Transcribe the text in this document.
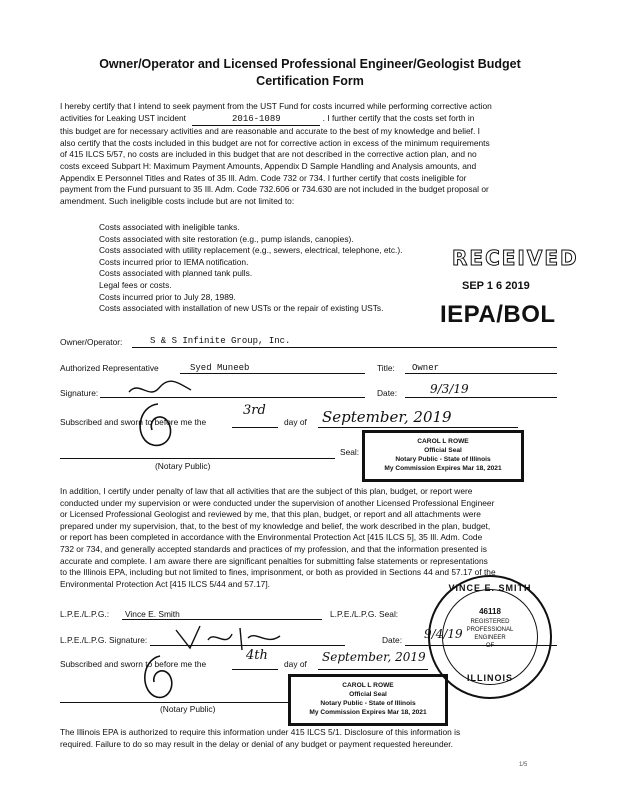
Owner/Operator and Licensed Professional Engineer/Geologist Budget
Certification Form
I hereby certify that I intend to seek payment from the UST Fund for costs incurred while performing corrective action
activities for Leaking UST incident	2016-1089	. I further certify that the costs set forth in
this budget are for necessary activities and are reasonable and accurate to the best of my knowledge and belief. I
also certify that the costs included in this budget are not for corrective action in excess of the minimum requirements
of 415 ILCS 5/57, no costs are included in this budget that are not described in the corrective action plan, and no
costs exceed Subpart H: Maximum Payment Amounts, Appendix D Sample Handling and Analysis amounts, and
Appendix E Personnel Titles and Rates of 35 Ill. Adm. Code 732 or 734. I further certify that costs ineligible for
payment from the Fund pursuant to 35 Ill. Adm. Code 732.606 or 734.630 are not included in the budget proposal or
amendment. Such ineligible costs include but are not limited to:
Costs associated with ineligible tanks.
Costs associated with site restoration (e.g., pump islands, canopies).
Costs associated with utility replacement (e.g., sewers, electrical, telephone, etc.).
Costs incurred prior to IEMA notification.
Costs associated with planned tank pulls.
Legal fees or costs.
Costs incurred prior to July 28, 1989.
Costs associated with installation of new USTs or the repair of existing USTs.
RECEIVED
SEP 1 6 2019
IEPA/BOL
Owner/Operator:	S & S Infinite Group, Inc.
Authorized Representative	Syed Muneeb	Title: Owner
Signature:	Date:	9/3/19
Subscribed and sworn to before me the
3rd
day of September, 2019
(Notary Public)
Seal:
CAROL L ROWE
Official Seal
Notary Public - State of Illinois
My Commission Expires Mar 18, 2021
In addition, I certify under penalty of law that all activities that are the subject of this plan, budget, or report were
conducted under my supervision or were conducted under the supervision of another Licensed Professional Engineer
or Licensed Professional Geologist and reviewed by me, that this plan, budget, or report and all attachments were
prepared under my supervision, that, to the best of my knowledge and belief, the work described in the plan, budget,
or report has been completed in accordance with the Environmental Protection Act [415 ILCS 5], 35 Ill. Adm. Code
732 or 734, and generally accepted standards and practices of my profession, and that the information presented is
accurate and complete. I am aware there are significant penalties for submitting false statements or representations
to the Illinois EPA, including but not limited to fines, imprisonment, or both as provided in Sections 44 and 57.17 of the
Environmental Protection Act [415 ILCS 5/44 and 57.17].
L.P.E./L.P.G.: Vince E. Smith	L.P.E./L.P.G. Seal:
L.P.E./L.P.G. Signature:	Date: 9/4/19
Subscribed and sworn to before me the
4th
day of September, 2019
(Notary Public)
CAROL L ROWE
Official Seal
Notary Public - State of Illinois
My Commission Expires Mar 18, 2021
VINCE E. SMITH
46118
REGISTERED
PROFESSIONAL
ENGINEER
OF
ILLINOIS
The Illinois EPA is authorized to require this information under 415 ILCS 5/1. Disclosure of this information is
required. Failure to do so may result in the delay or denial of any budget or payment requested hereunder.
1/5
